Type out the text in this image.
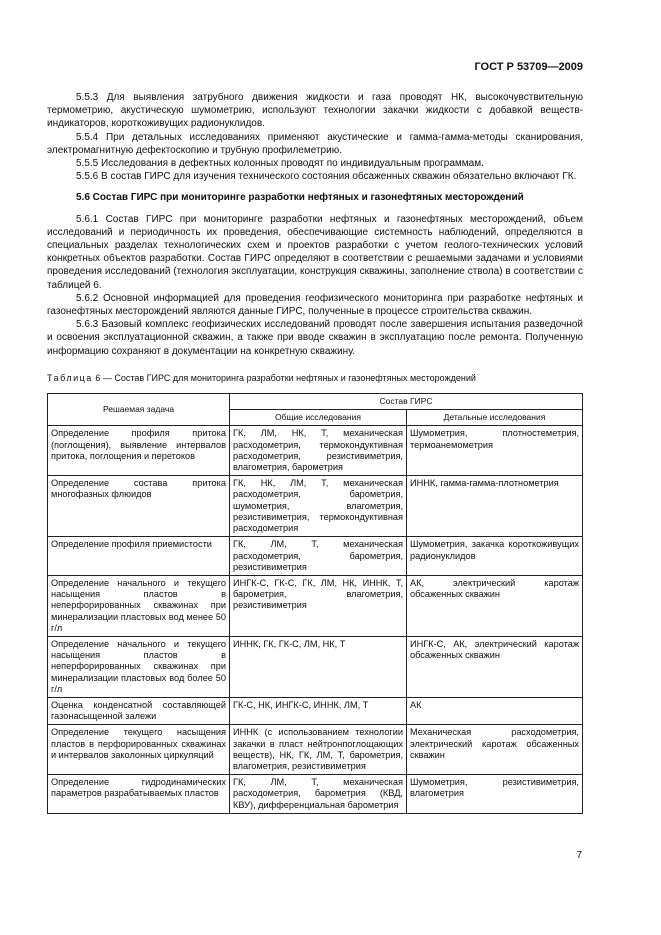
ГОСТ Р 53709—2009

5.5.3 Для выявления затрубного движения жидкости и газа проводят НК, высокочувствительную термометрию, акустическую шумометрию, используют технологии закачки жидкости с добавкой веществ-индикаторов, короткоживущих радионуклидов.

5.5.4 При детальных исследованиях применяют акустические и гамма-гамма-методы сканирования, электромагнитную дефектоскопию и трубную профилеметрию.

5.5.5 Исследования в дефектных колонных проводят по индивидуальным программам.

5.5.6 В состав ГИРС для изучения технического состояния обсаженных скважин обязательно включают ГК.

5.6 Состав ГИРС при мониторинге разработки нефтяных и газонефтяных месторождений

5.6.1 Состав ГИРС при мониторинге разработки нефтяных и газонефтяных месторождений, объем исследований и периодичность их проведения, обеспечивающие системность наблюдений, определяются в специальных разделах технологических схем и проектов разработки с учетом геолого-технических условий конкретных объектов разработки. Состав ГИРС определяют в соответствии с решаемыми задачами и условиями проведения исследований (технология эксплуатации, конструкция скважины, заполнение ствола) в соответствии с таблицей 6.

5.6.2 Основной информацией для проведения геофизического мониторинга при разработке нефтяных и газонефтяных месторождений являются данные ГИРС, полученные в процессе строительства скважин.

5.6.3 Базовый комплекс геофизических исследований проводят после завершения испытания разведочной и освоения эксплуатационной скважин, а также при вводе скважин в эксплуатацию после ремонта. Полученную информацию сохраняют в документации на конкретную скважину.

Таблица 6 — Состав ГИРС для мониторинга разработки нефтяных и газонефтяных месторождений
Решаемая задача	Состав ГИРС	
	Общие исследования	Детальные исследования
Определение профиля притока (поглощения), выявление интервалов притока, поглощения и перетоков	ГК, ЛМ, НК, Т, механическая расходометрия, термокондуктивная расходометрия, резистивиметрия, влагометрия, барометрия	Шумометрия, плотностеметрия, термоанемометрия
Определение состава притока многофазных флюидов	ГК, НК, ЛМ, Т, механическая расходометрия, барометрия, шумометрия, влагометрия, резистивиметрия, термокондуктивная расходометрия	ИННК, гамма-гамма-плотнометрия
Определение профиля приемистости	ГК, ЛМ, Т, механическая расходометрия, барометрия, резистивиметрия	Шумометрия, закачка короткоживущих радионуклидов
Определение начального и текущего насыщения пластов в неперфорированных скважинах при минерализации пластовых вод менее 50 г/л	ИНГК-С, ГК-С, ГК, ЛМ, НК, ИННК, Т, барометрия, влагометрия, резистивиметрия	АК, электрический каротаж обсаженных скважин
Определение начального и текущего насыщения пластов в неперфорированных скважинах при минерализации пластовых вод более 50 г/л	ИННК, ГК, ГК-С, ЛМ, НК, Т	ИНГК-С, АК, электрический каротаж обсаженных скважин
Оценка конденсатной составляющей газонасыщенной залежи	ГК-С, НК, ИНГК-С, ИННК, ЛМ, Т	АК
Определение текущего насыщения пластов в перфорированных скважинах и интервалов заколонных циркуляций	ИННК (с использованием технологии закачки в пласт нейтронпоглощающих веществ), НК, ГК, ЛМ, Т, барометрия, влагометрия, резистивиметрия	Механическая расходометрия, электрический каротаж обсаженных скважин
Определение гидродинамических параметров разрабатываемых пластов	ГК, ЛМ, Т, механическая расходометрия, барометрия (КВД, КВУ), дифференциальная барометрия	Шумометрия, резистивиметрия, влагометрия
7
